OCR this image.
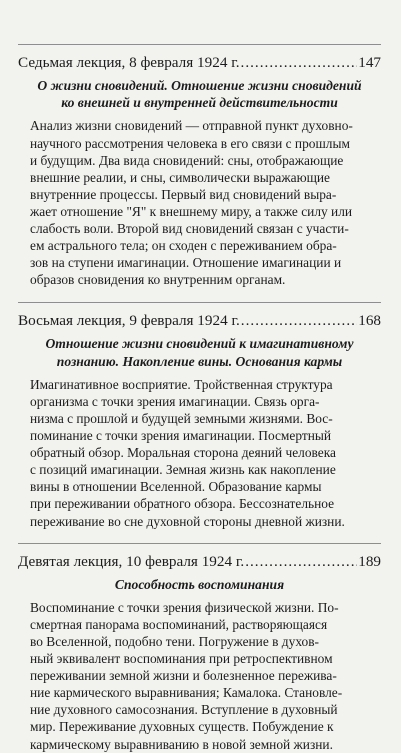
Седьмая лекция, 8 февраля 1924 г. .....	147
О жизни сновидений. Отношение жизни сновидений ко внешней и внутренней действительности
Анализ жизни сновидений — отправной пункт духовно-
научного рассмотрения человека в его связи с прошлым
и будущим. Два вида сновидений: сны, отображающие
внешние реалии, и сны, символически выражающие
внутренние процессы. Первый вид сновидений выра-
жает отношение "Я" к внешнему миру, а также силу или
слабость воли. Второй вид сновидений связан с участи-
ем астрального тела; он сходен с переживанием обра-
зов на ступени имагинации. Отношение имагинации и
образов сновидения ко внутренним органам.
Восьмая лекция, 9 февраля 1924 г. .....	168
Отношение жизни сновидений к имагинативному познанию. Накопление вины. Основания кармы
Имагинативное восприятие. Тройственная структура
организма с точки зрения имагинации. Связь орга-
низма с прошлой и будущей земными жизнями. Вос-
поминание с точки зрения имагинации. Посмертный
обратный обзор. Моральная сторона деяний человека
с позиций имагинации. Земная жизнь как накопление
вины в отношении Вселенной. Образование кармы
при переживании обратного обзора. Бессознательное
переживание во сне духовной стороны дневной жизни.
Девятая лекция, 10 февраля 1924 г. .....	189
Способность воспоминания
Воспоминание с точки зрения физической жизни. По-
смертная панорама воспоминаний, растворяющаяся
во Вселенной, подобно тени. Погружение в духов-
ный эквивалент воспоминания при ретроспективном
переживании земной жизни и болезненное пережива-
ние кармического выравнивания; Камалока. Становле-
ние духовного самосознания. Вступление в духовный
мир. Переживание духовных существ. Побуждение к
кармическому выравниванию в новой земной жизни.
